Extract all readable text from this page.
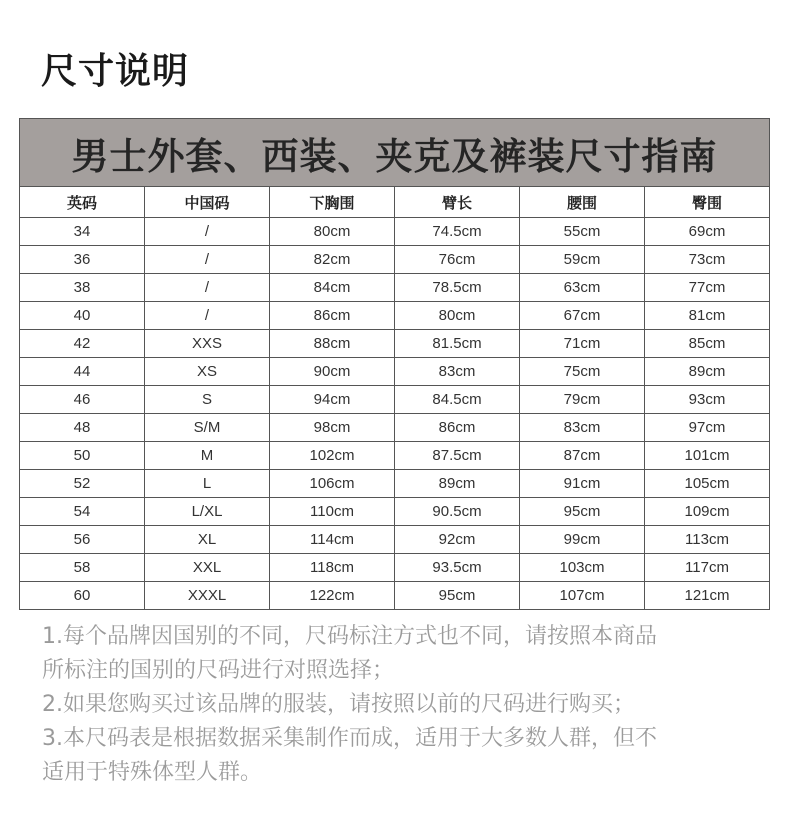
尺寸说明
男士外套、西装、夹克及裤装尺寸指南					
英码	中国码	下胸围	臂长	腰围	臀围
34	/	80cm	74.5cm	55cm	69cm
36	/	82cm	76cm	59cm	73cm
38	/	84cm	78.5cm	63cm	77cm
40	/	86cm	80cm	67cm	81cm
42	XXS	88cm	81.5cm	71cm	85cm
44	XS	90cm	83cm	75cm	89cm
46	S	94cm	84.5cm	79cm	93cm
48	S/M	98cm	86cm	83cm	97cm
50	M	102cm	87.5cm	87cm	101cm
52	L	106cm	89cm	91cm	105cm
54	L/XL	110cm	90.5cm	95cm	109cm
56	XL	114cm	92cm	99cm	113cm
58	XXL	118cm	93.5cm	103cm	117cm
60	XXXL	122cm	95cm	107cm	121cm
1.每个品牌因国别的不同，尺码标注方式也不同，请按照本商品
所标注的国别的尺码进行对照选择；
2.如果您购买过该品牌的服装，请按照以前的尺码进行购买；
3.本尺码表是根据数据采集制作而成，适用于大多数人群，但不
适用于特殊体型人群。
